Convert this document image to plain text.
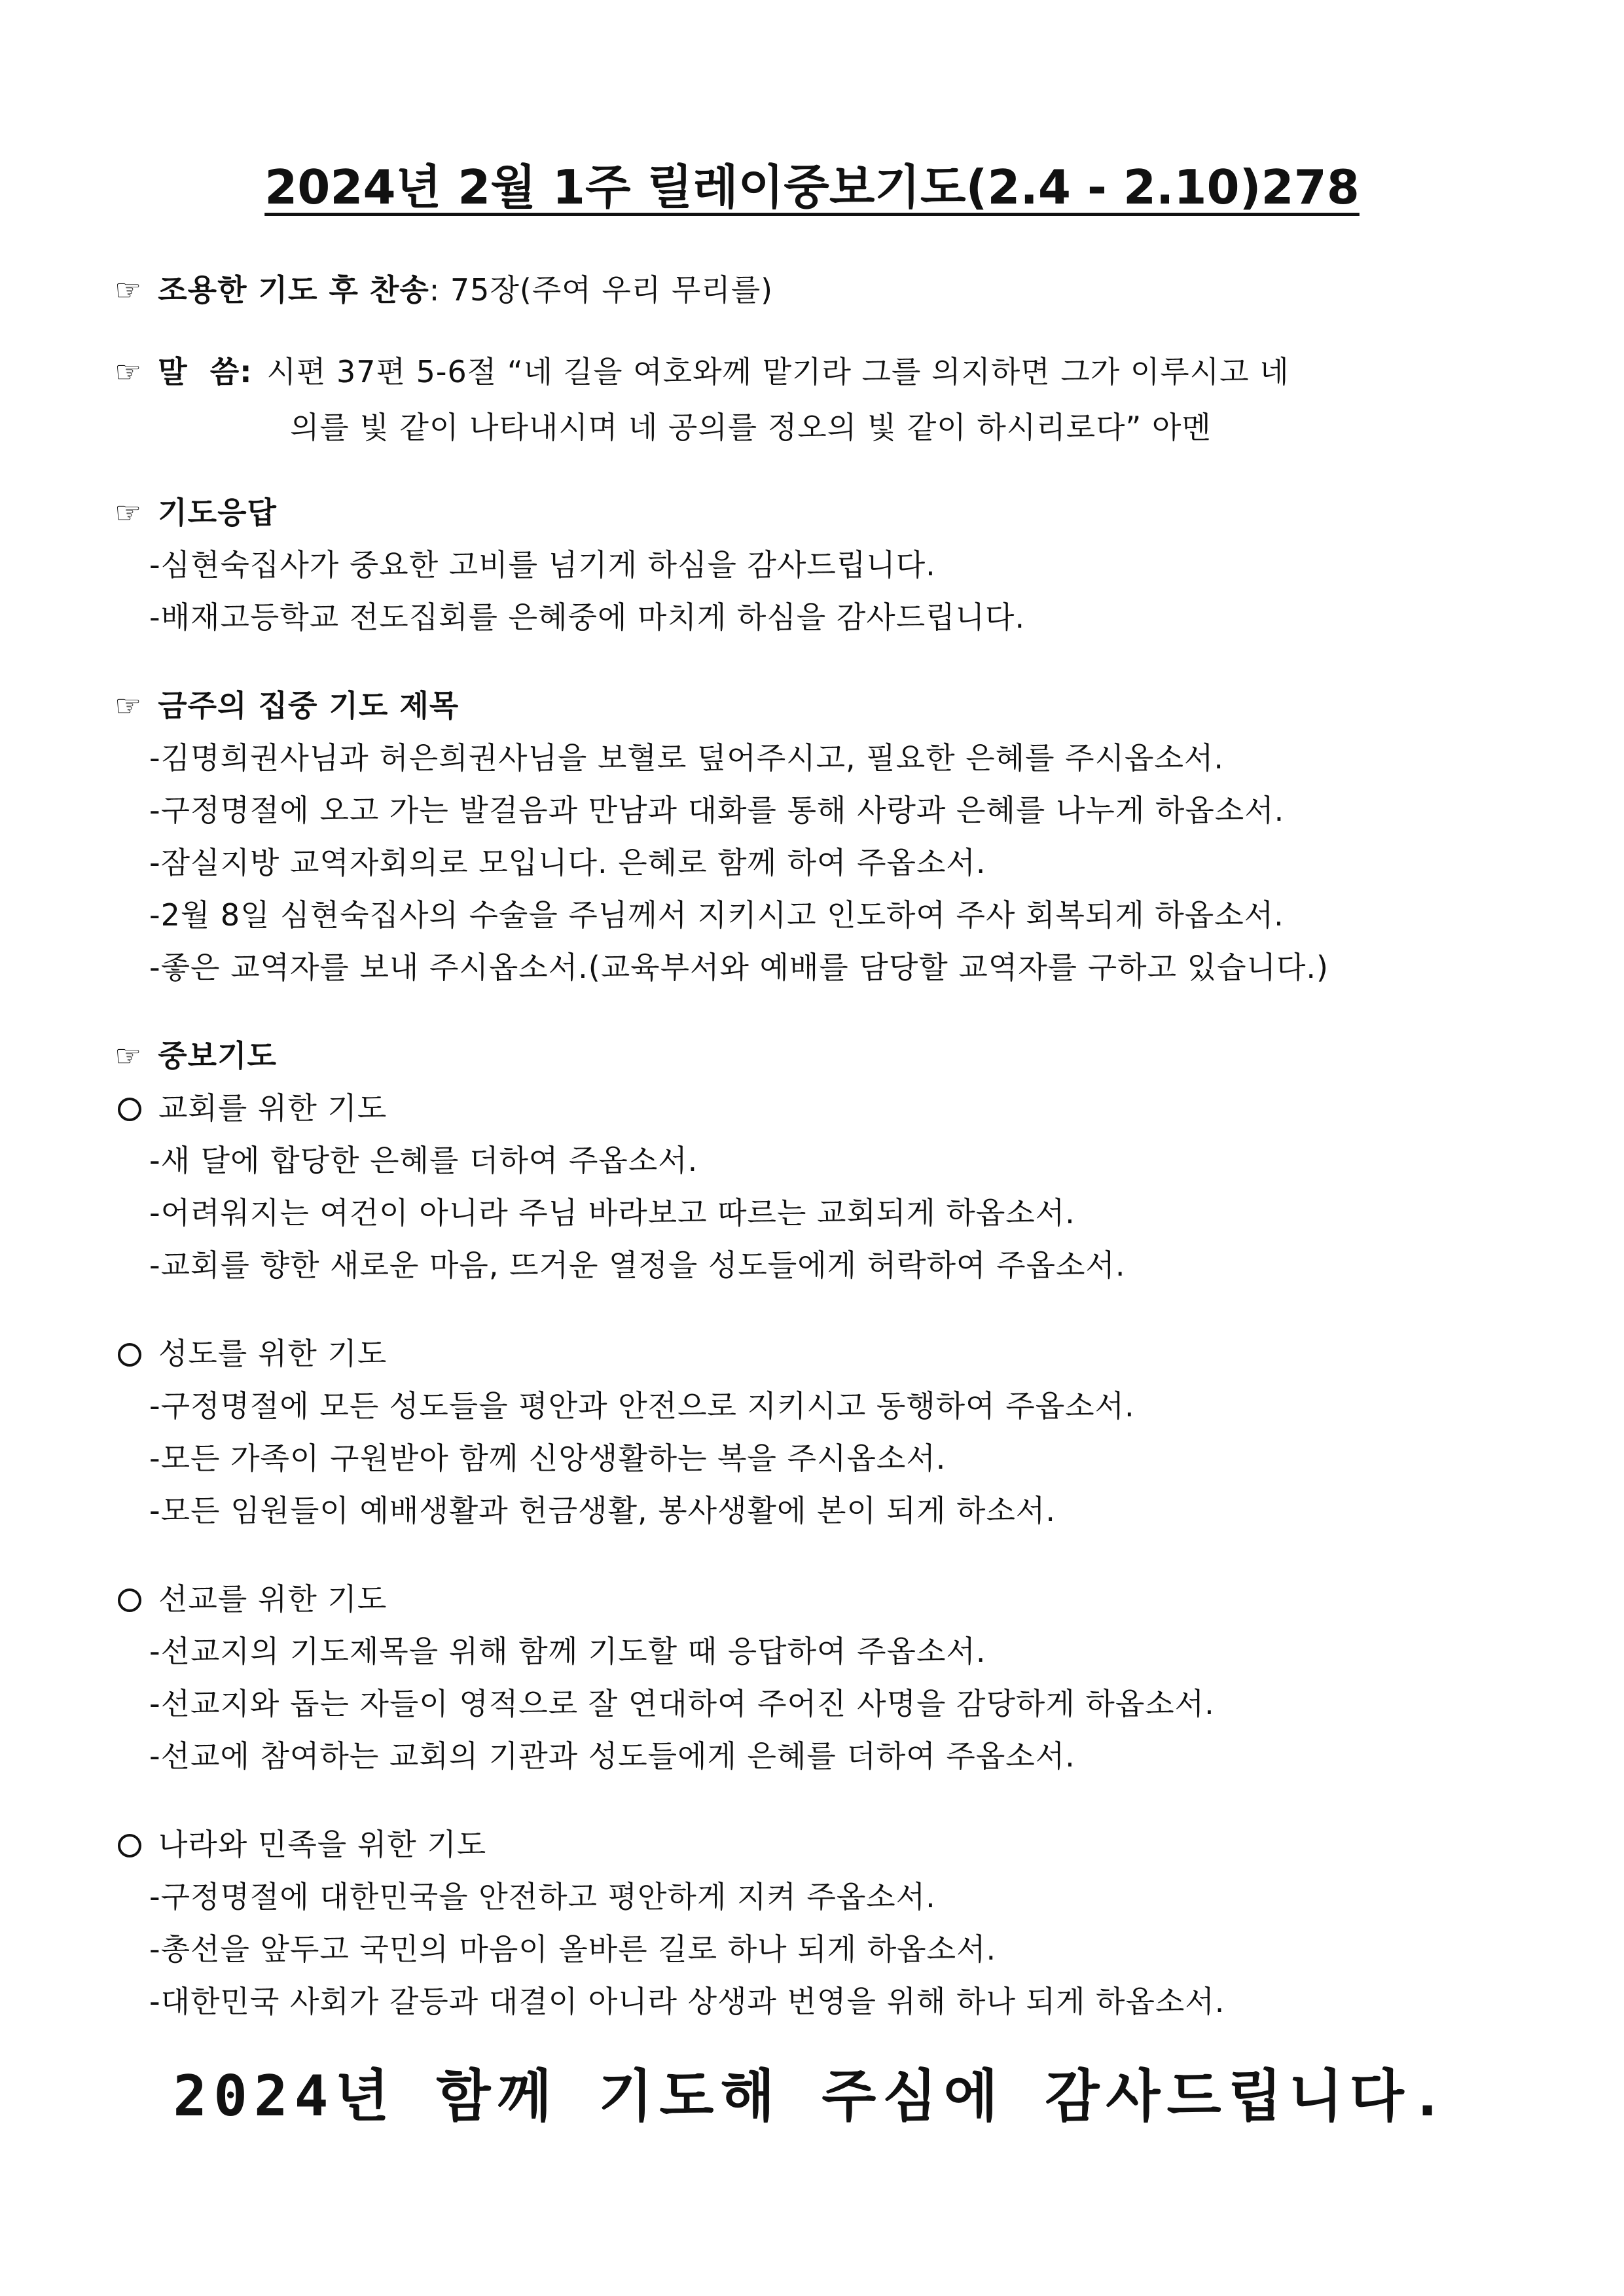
2024년 2월 1주 릴레이중보기도(2.4 - 2.10)278
☞ 조용한 기도 후 찬송: 75장(주여 우리 무리를)
☞ 말  씀: 시편 37편 5-6절 “네 길을 여호와께 맡기라 그를 의지하면 그가 이루시고 네
의를 빛 같이 나타내시며 네 공의를 정오의 빛 같이 하시리로다” 아멘
☞ 기도응답
-심현숙집사가 중요한 고비를 넘기게 하심을 감사드립니다.
-배재고등학교 전도집회를 은혜중에 마치게 하심을 감사드립니다.
☞ 금주의 집중 기도 제목
-김명희권사님과 허은희권사님을 보혈로 덮어주시고, 필요한 은혜를 주시옵소서.
-구정명절에 오고 가는 발걸음과 만남과 대화를 통해 사랑과 은혜를 나누게 하옵소서.
-잠실지방 교역자회의로 모입니다. 은혜로 함께 하여 주옵소서.
-2월 8일 심현숙집사의 수술을 주님께서 지키시고 인도하여 주사 회복되게 하옵소서.
-좋은 교역자를 보내 주시옵소서.(교육부서와 예배를 담당할 교역자를 구하고 있습니다.)
☞ 중보기도
교회를 위한 기도
-새 달에 합당한 은혜를 더하여 주옵소서.
-어려워지는 여건이 아니라 주님 바라보고 따르는 교회되게 하옵소서.
-교회를 향한 새로운 마음, 뜨거운 열정을 성도들에게 허락하여 주옵소서.
성도를 위한 기도
-구정명절에 모든 성도들을 평안과 안전으로 지키시고 동행하여 주옵소서.
-모든 가족이 구원받아 함께 신앙생활하는 복을 주시옵소서.
-모든 임원들이 예배생활과 헌금생활, 봉사생활에 본이 되게 하소서.
선교를 위한 기도
-선교지의 기도제목을 위해 함께 기도할 때 응답하여 주옵소서.
-선교지와 돕는 자들이 영적으로 잘 연대하여 주어진 사명을 감당하게 하옵소서.
-선교에 참여하는 교회의 기관과 성도들에게 은혜를 더하여 주옵소서.
나라와 민족을 위한 기도
-구정명절에 대한민국을 안전하고 평안하게 지켜 주옵소서.
-총선을 앞두고 국민의 마음이 올바른 길로 하나 되게 하옵소서.
-대한민국 사회가 갈등과 대결이 아니라 상생과 번영을 위해 하나 되게 하옵소서.
2024년 함께 기도해 주심에 감사드립니다.
